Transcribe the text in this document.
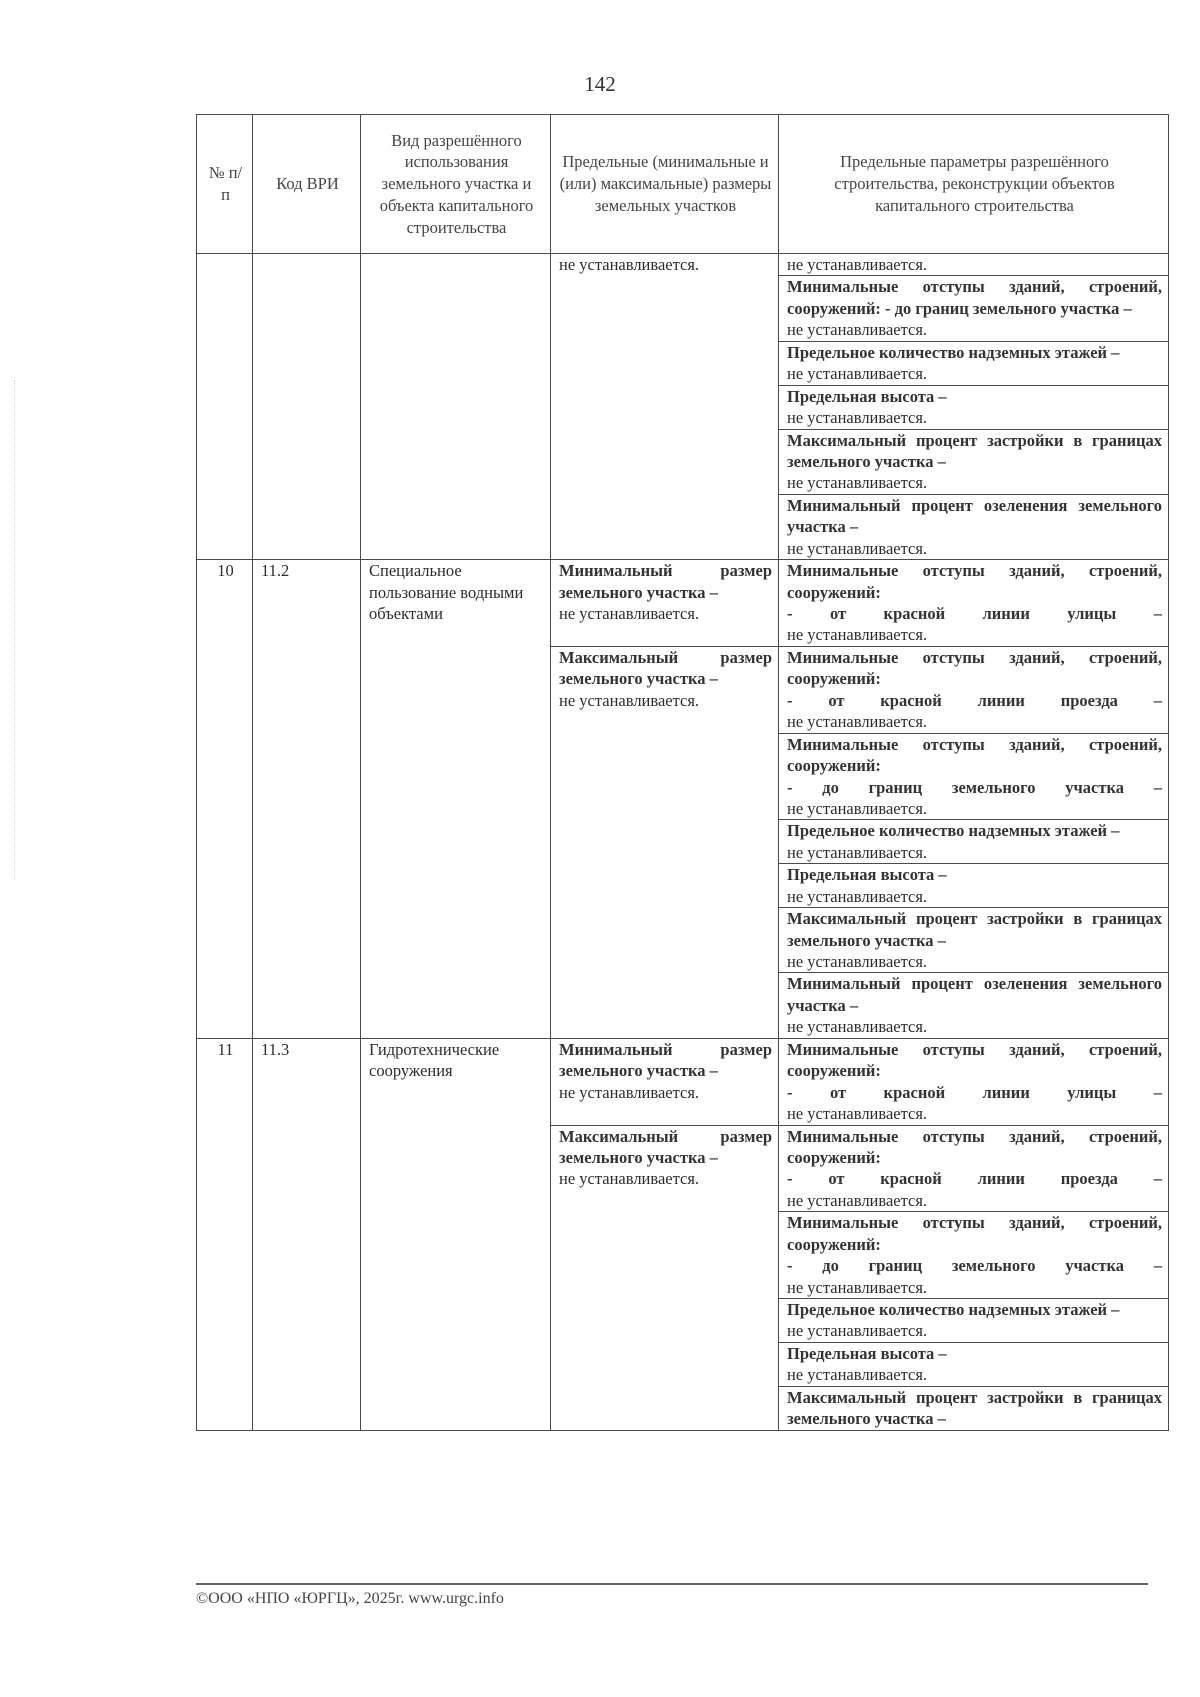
142
№ п/п	Код ВРИ	Вид разрешённого использования земельного участка и объекта капитального строительства	Предельные (минимальные и (или) максимальные) размеры земельных участков	Предельные параметры разрешённого строительства, реконструкции объектов капитального строительства

			не устанавливается.	не устанавливается.

				Минимальные отступы зданий, строений, сооружений: - до границ земельного участка –
не устанавливается.

				Предельное количество надземных этажей –
не устанавливается.

				Предельная высота –
не устанавливается.

				Максимальный процент застройки в границах земельного участка –
не устанавливается.

				Минимальный процент озеленения земельного участка –
не устанавливается.

10	11.2	Специальное пользование водными объектами	Минимальный размер земельного участка –
не устанавливается.	Минимальные отступы зданий, строений, сооружений:
- от красной линии улицы –
не устанавливается.

			Максимальный размер земельного участка –
не устанавливается.	Минимальные отступы зданий, строений, сооружений:
- от красной линии проезда –
не устанавливается.

				Минимальные отступы зданий, строений, сооружений:
- до границ земельного участка –
не устанавливается.

				Предельное количество надземных этажей –
не устанавливается.

				Предельная высота –
не устанавливается.

				Максимальный процент застройки в границах земельного участка –
не устанавливается.

				Минимальный процент озеленения земельного участка –
не устанавливается.

11	11.3	Гидротехнические сооружения	Минимальный размер земельного участка –
не устанавливается.	Минимальные отступы зданий, строений, сооружений:
- от красной линии улицы –
не устанавливается.

			Максимальный размер земельного участка –
не устанавливается.	Минимальные отступы зданий, строений, сооружений:
- от красной линии проезда –
не устанавливается.

				Минимальные отступы зданий, строений, сооружений:
- до границ земельного участка –
не устанавливается.

				Предельное количество надземных этажей –
не устанавливается.

				Предельная высота –
не устанавливается.

				Максимальный процент застройки в границах земельного участка –
©ООО «НПО «ЮРГЦ», 2025г. www.urgc.info
